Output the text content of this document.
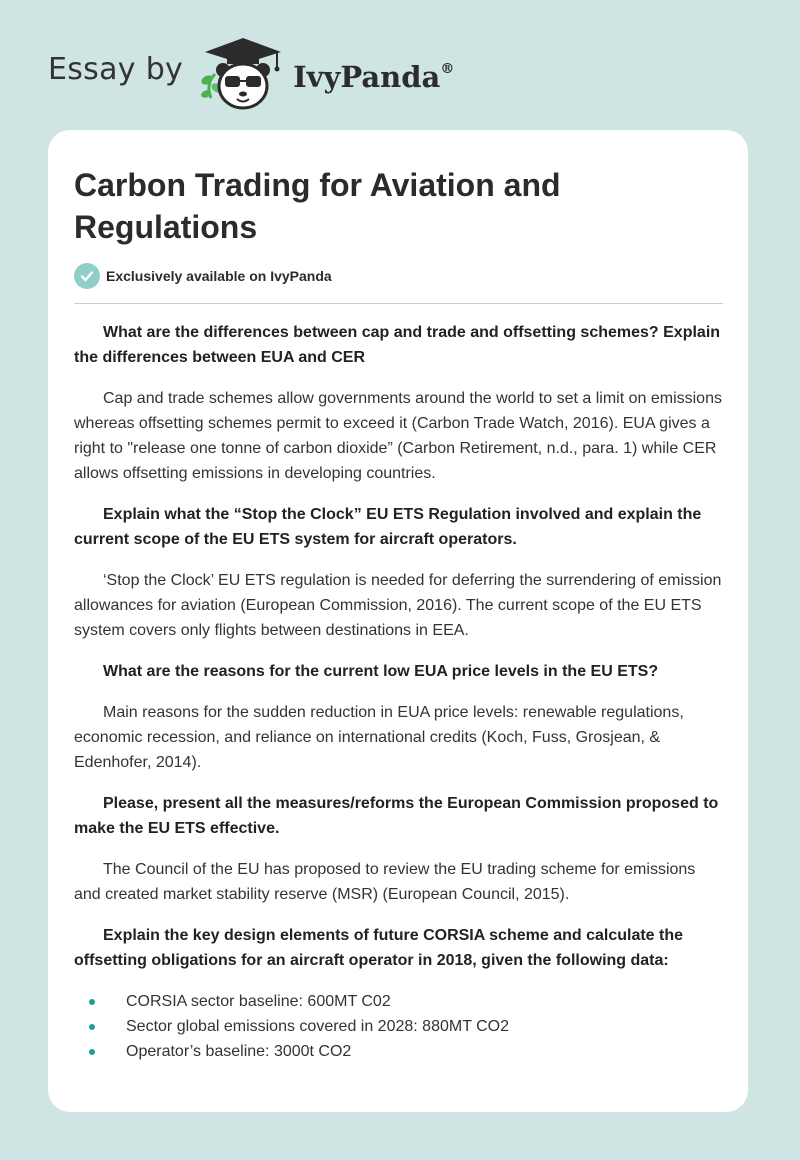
Essay by	IvyPanda®
Carbon Trading for Aviation and Regulations
Exclusively available on IvyPanda

What are the differences between cap and trade and offsetting schemes? Explain the differences between EUA and CER

Cap and trade schemes allow governments around the world to set a limit on emissions whereas offsetting schemes permit to exceed it (Carbon Trade Watch, 2016). EUA gives a right to "release one tonne of carbon dioxide” (Carbon Retirement, n.d., para. 1) while CER allows offsetting emissions in developing countries.

Explain what the “Stop the Clock” EU ETS Regulation involved and explain the current scope of the EU ETS system for aircraft operators.

‘Stop the Clock’ EU ETS regulation is needed for deferring the surrendering of emission allowances for aviation (European Commission, 2016). The current scope of the EU ETS system covers only flights between destinations in EEA.

What are the reasons for the current low EUA price levels in the EU ETS?

Main reasons for the sudden reduction in EUA price levels: renewable regulations, economic recession, and reliance on international credits (Koch, Fuss, Grosjean, & Edenhofer, 2014).

Please, present all the measures/reforms the European Commission proposed to make the EU ETS effective.

The Council of the EU has proposed to review the EU trading scheme for emissions and created market stability reserve (MSR) (European Council, 2015).

Explain the key design elements of future CORSIA scheme and calculate the offsetting obligations for an aircraft operator in 2018, given the following data:

CORSIA sector baseline: 600MT C02
Sector global emissions covered in 2028: 880MT CO2
Operator’s baseline: 3000t CO2
